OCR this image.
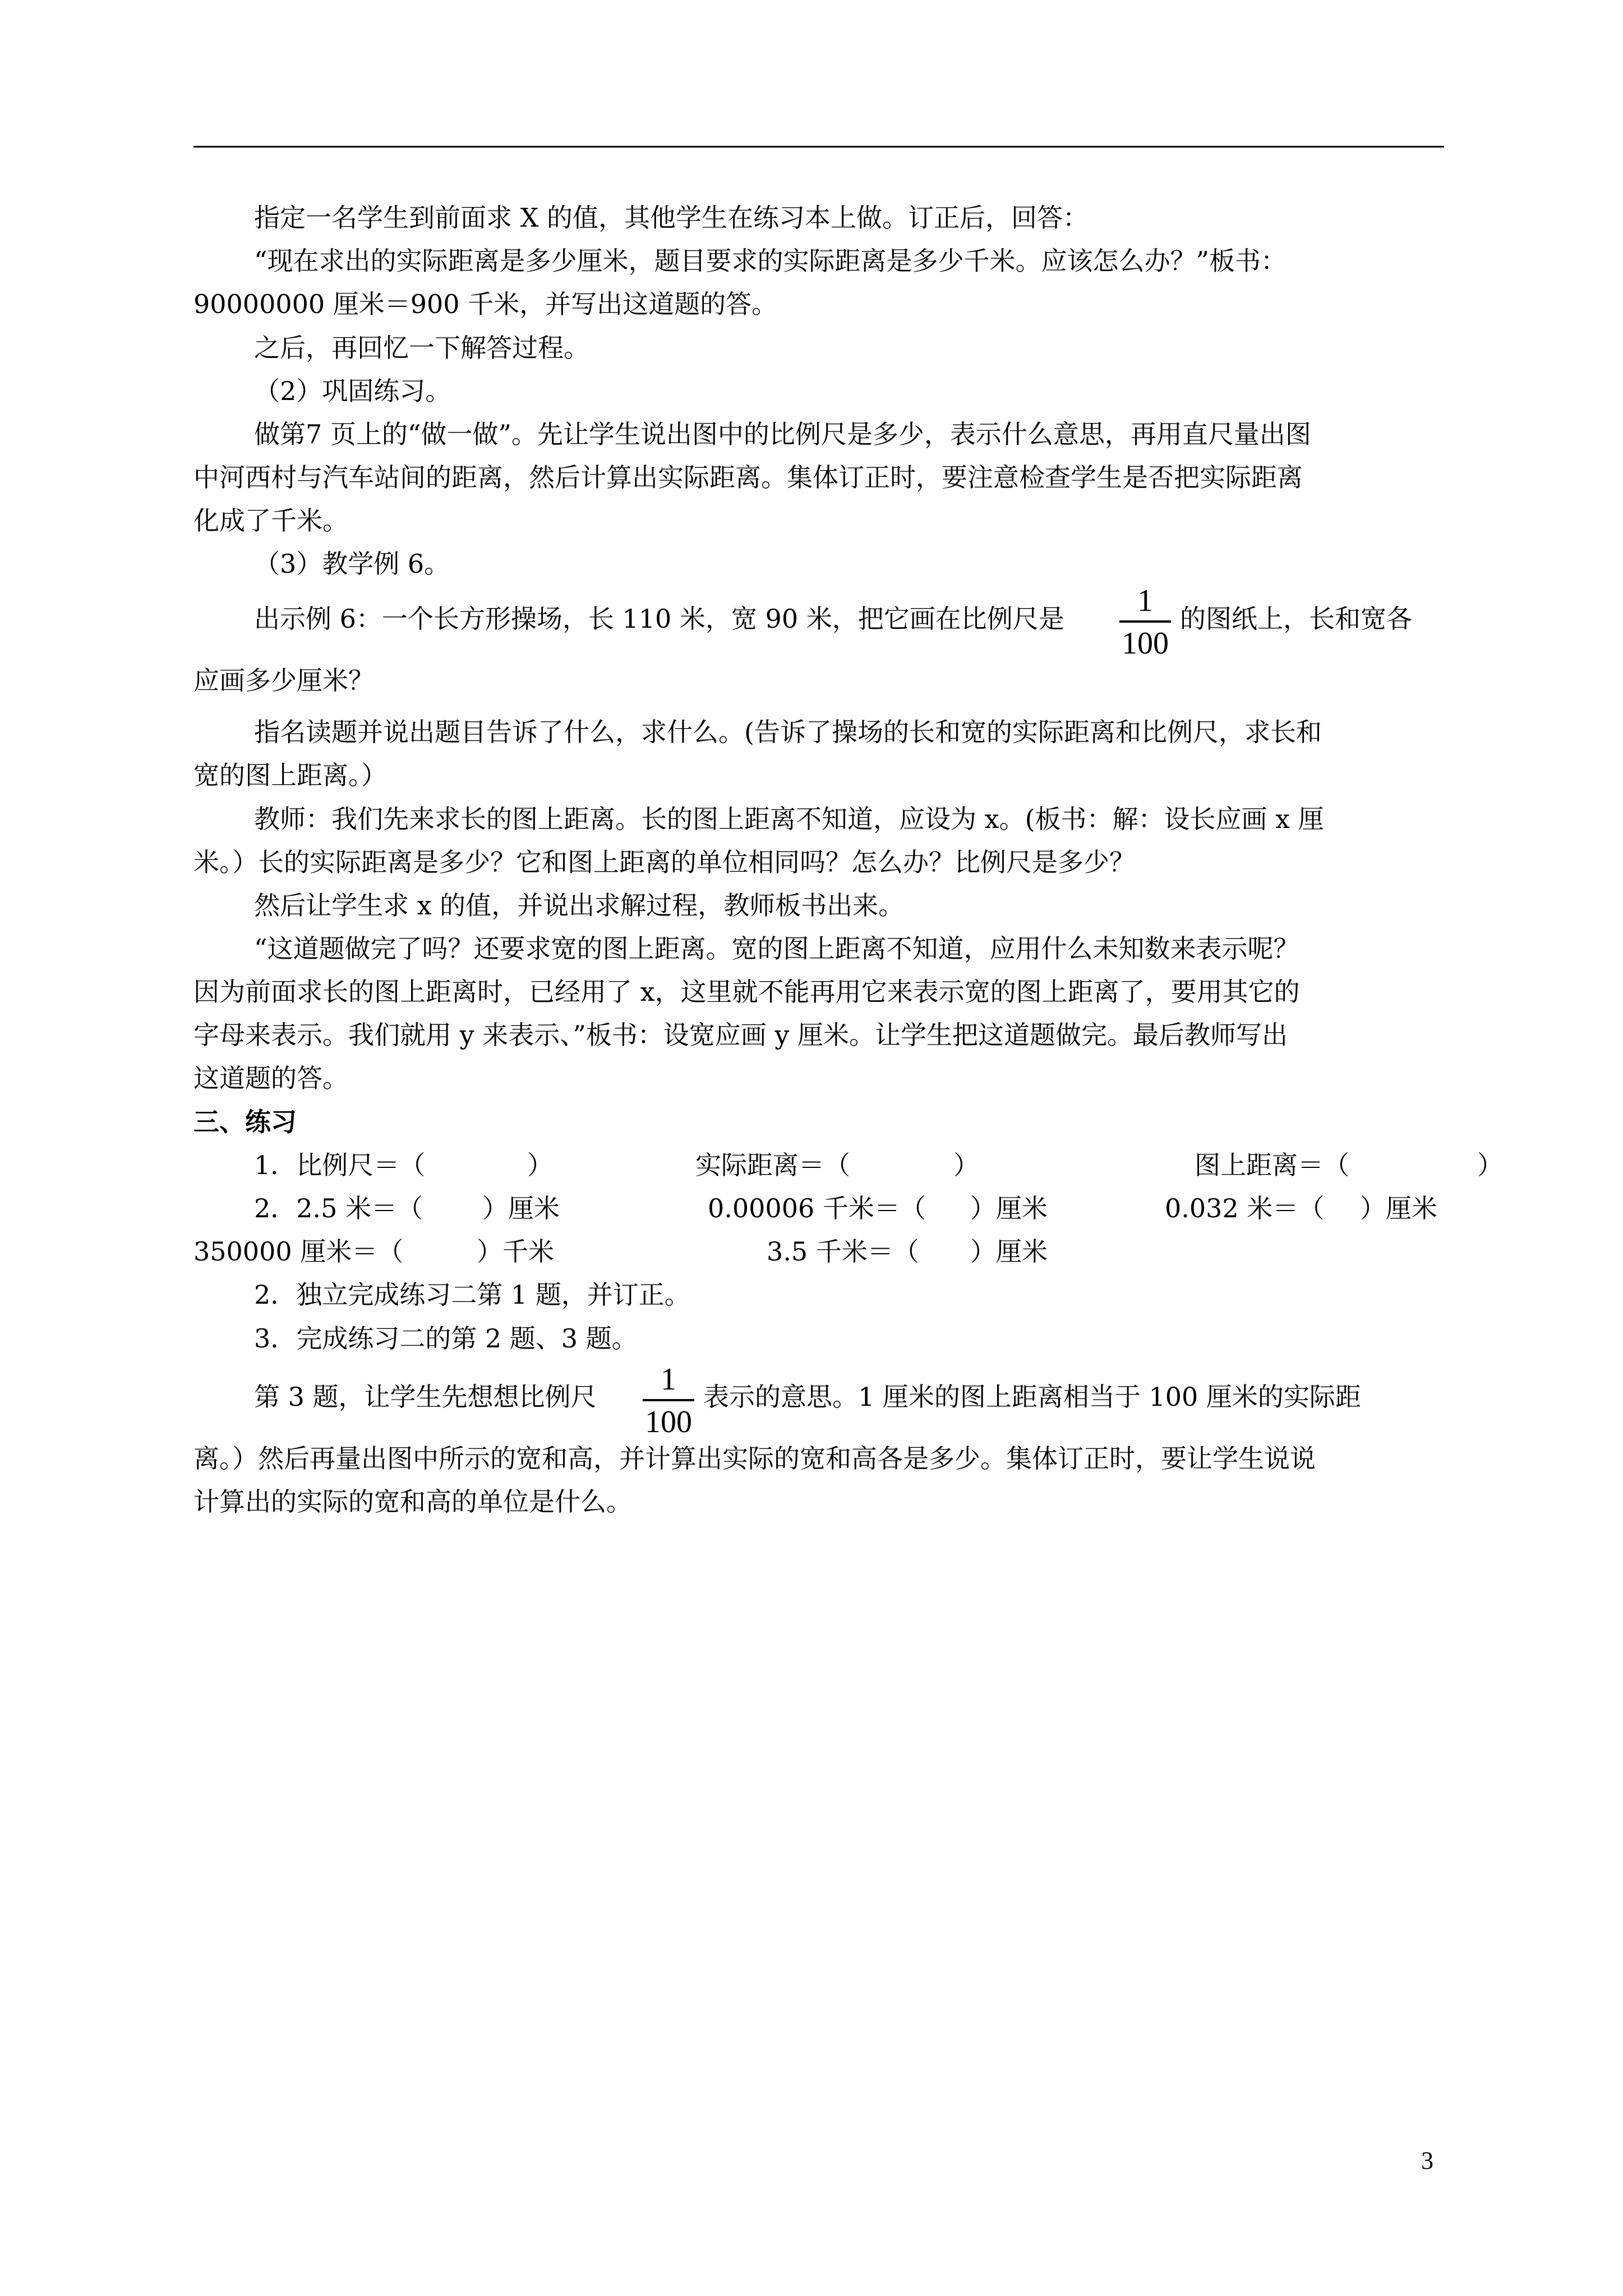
指定一名学生到前面求 X 的值，其他学生在练习本上做。订正后，回答：
“现在求出的实际距离是多少厘米，题目要求的实际距离是多少千米。应该怎么办？”板书：
90000000 厘米＝900 千米，并写出这道题的答。
之后，再回忆一下解答过程。
（2）巩固练习。
做第7 页上的“做一做”。先让学生说出图中的比例尺是多少，表示什么意思，再用直尺量出图
中河西村与汽车站间的距离，然后计算出实际距离。集体订正时，要注意检查学生是否把实际距离
化成了千米。
（3）教学例 6。
出示例 6：一个长方形操场，长 110 米，宽 90 米，把它画在比例尺是
1
100
的图纸上，长和宽各
应画多少厘米？
指名读题并说出题目告诉了什么，求什么。(告诉了操场的长和宽的实际距离和比例尺，求长和
宽的图上距离。）
教师：我们先来求长的图上距离。长的图上距离不知道，应设为 x。(板书：解：设长应画 x 厘
米。）长的实际距离是多少？它和图上距离的单位相同吗？怎么办？比例尺是多少？
然后让学生求 x 的值，并说出求解过程，教师板书出来。
“这道题做完了吗？还要求宽的图上距离。宽的图上距离不知道，应用什么未知数来表示呢？
因为前面求长的图上距离时，已经用了 x，这里就不能再用它来表示宽的图上距离了，要用其它的
字母来表示。我们就用 y 来表示、”板书：设宽应画 y 厘米。让学生把这道题做完。最后教师写出
这道题的答。
三、练习
1．比例尺＝（	）	实际距离＝（	）	图上距离＝（	）
2．2.5 米＝（ ）厘米	0.00006 千米＝（ ）厘米	0.032 米＝（ ）厘米
350000 厘米＝（	）千米	3.5 千米＝（ ）厘米
2．独立完成练习二第 1 题，并订正。
3．完成练习二的第 2 题、3 题。
第 3 题，让学生先想想比例尺	1
100
表示的意思。1 厘米的图上距离相当于 100 厘米的实际距
离。）然后再量出图中所示的宽和高，并计算出实际的宽和高各是多少。集体订正时，要让学生说说
计算出的实际的宽和高的单位是什么。
3
